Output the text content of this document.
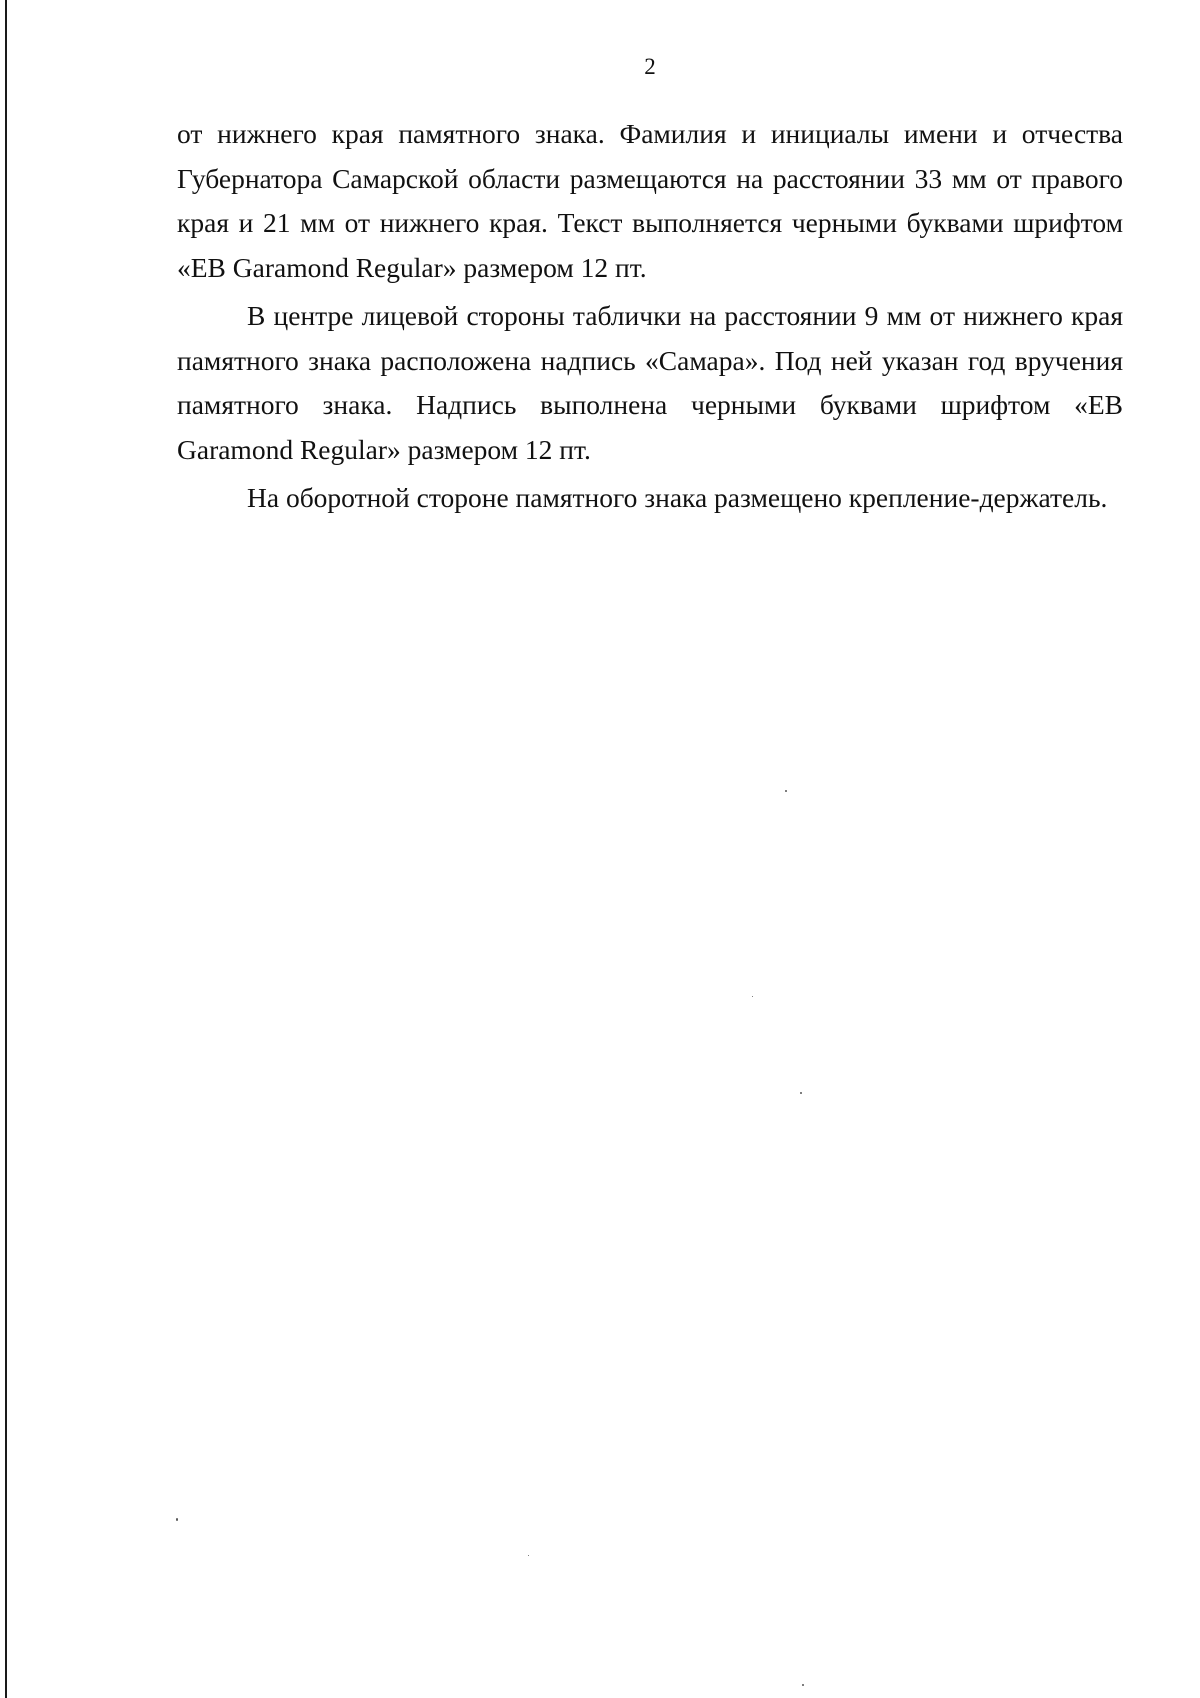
2

от нижнего края памятного знака. Фамилия и инициалы имени и отчества Губернатора Самарской области размещаются на расстоянии 33 мм от правого края и 21 мм от нижнего края. Текст выполняется черными буквами шрифтом «EB Garamond Regular» размером 12 пт.

В центре лицевой стороны таблички на расстоянии 9 мм от нижнего края памятного знака расположена надпись «Самара». Под ней указан год вручения памятного знака. Надпись выполнена черными буквами шрифтом «EB Garamond Regular» размером 12 пт.

На оборотной стороне памятного знака размещено крепление-держатель.
